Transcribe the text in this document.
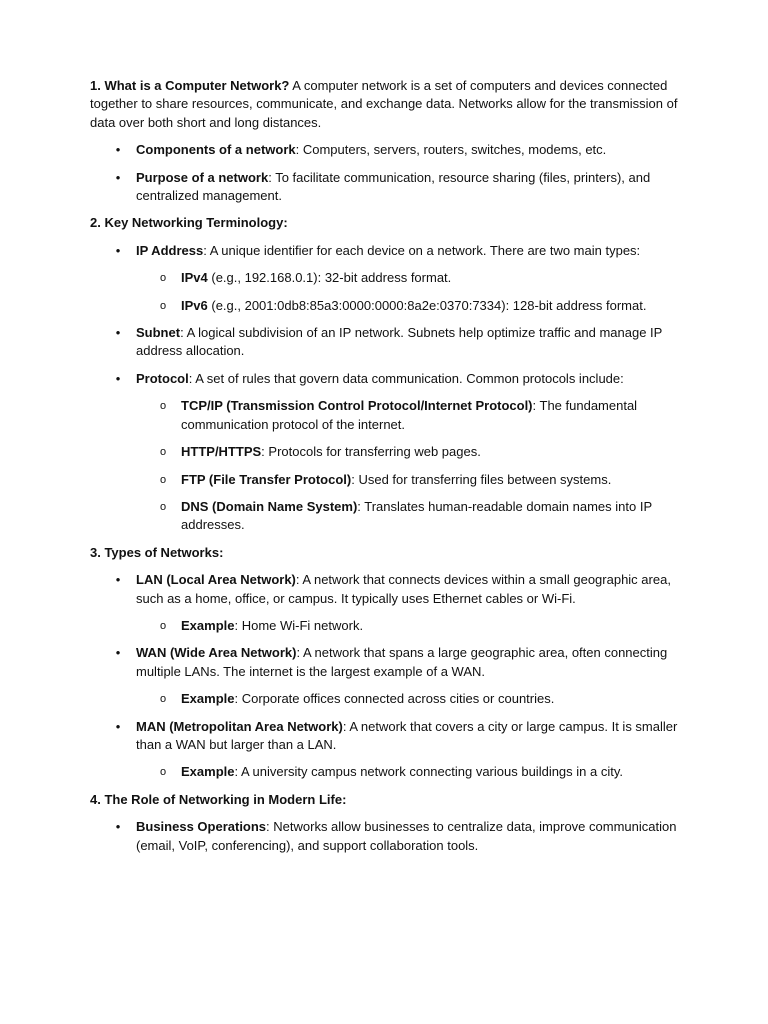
1. What is a Computer Network? A computer network is a set of computers and devices connected together to share resources, communicate, and exchange data. Networks allow for the transmission of data over both short and long distances.

• Components of a network: Computers, servers, routers, switches, modems, etc.
• Purpose of a network: To facilitate communication, resource sharing (files, printers), and centralized management.

2. Key Networking Terminology:

• IP Address: A unique identifier for each device on a network. There are two main types:
o IPv4 (e.g., 192.168.0.1): 32-bit address format.
o IPv6 (e.g., 2001:0db8:85a3:0000:0000:8a2e:0370:7334): 128-bit address format.
• Subnet: A logical subdivision of an IP network. Subnets help optimize traffic and manage IP address allocation.
• Protocol: A set of rules that govern data communication. Common protocols include:
o TCP/IP (Transmission Control Protocol/Internet Protocol): The fundamental communication protocol of the internet.
o HTTP/HTTPS: Protocols for transferring web pages.
o FTP (File Transfer Protocol): Used for transferring files between systems.
o DNS (Domain Name System): Translates human-readable domain names into IP addresses.

3. Types of Networks:

• LAN (Local Area Network): A network that connects devices within a small geographic area, such as a home, office, or campus. It typically uses Ethernet cables or Wi-Fi.
o Example: Home Wi-Fi network.
• WAN (Wide Area Network): A network that spans a large geographic area, often connecting multiple LANs. The internet is the largest example of a WAN.
o Example: Corporate offices connected across cities or countries.
• MAN (Metropolitan Area Network): A network that covers a city or large campus. It is smaller than a WAN but larger than a LAN.
o Example: A university campus network connecting various buildings in a city.

4. The Role of Networking in Modern Life:

• Business Operations: Networks allow businesses to centralize data, improve communication (email, VoIP, conferencing), and support collaboration tools.
